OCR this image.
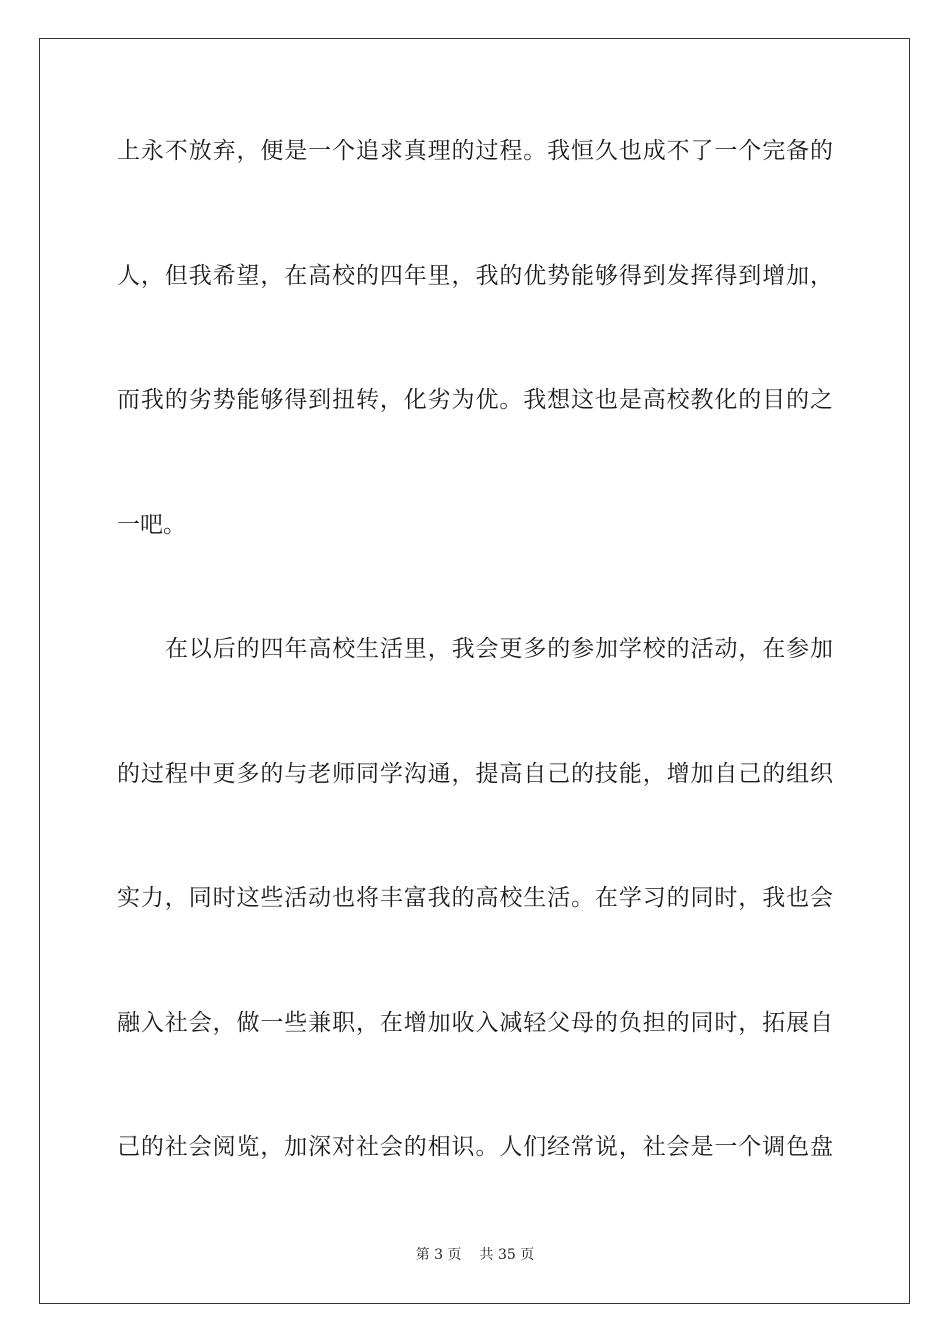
上永不放弃，便是一个追求真理的过程。我恒久也成不了一个完备的
人，但我希望，在高校的四年里，我的优势能够得到发挥得到增加，
而我的劣势能够得到扭转，化劣为优。我想这也是高校教化的目的之
一吧。
在以后的四年高校生活里，我会更多的参加学校的活动，在参加
的过程中更多的与老师同学沟通，提高自己的技能，增加自己的组织
实力，同时这些活动也将丰富我的高校生活。在学习的同时，我也会
融入社会，做一些兼职，在增加收入减轻父母的负担的同时，拓展自
己的社会阅览，加深对社会的相识。人们经常说，社会是一个调色盘
第 3 页 共 35 页
